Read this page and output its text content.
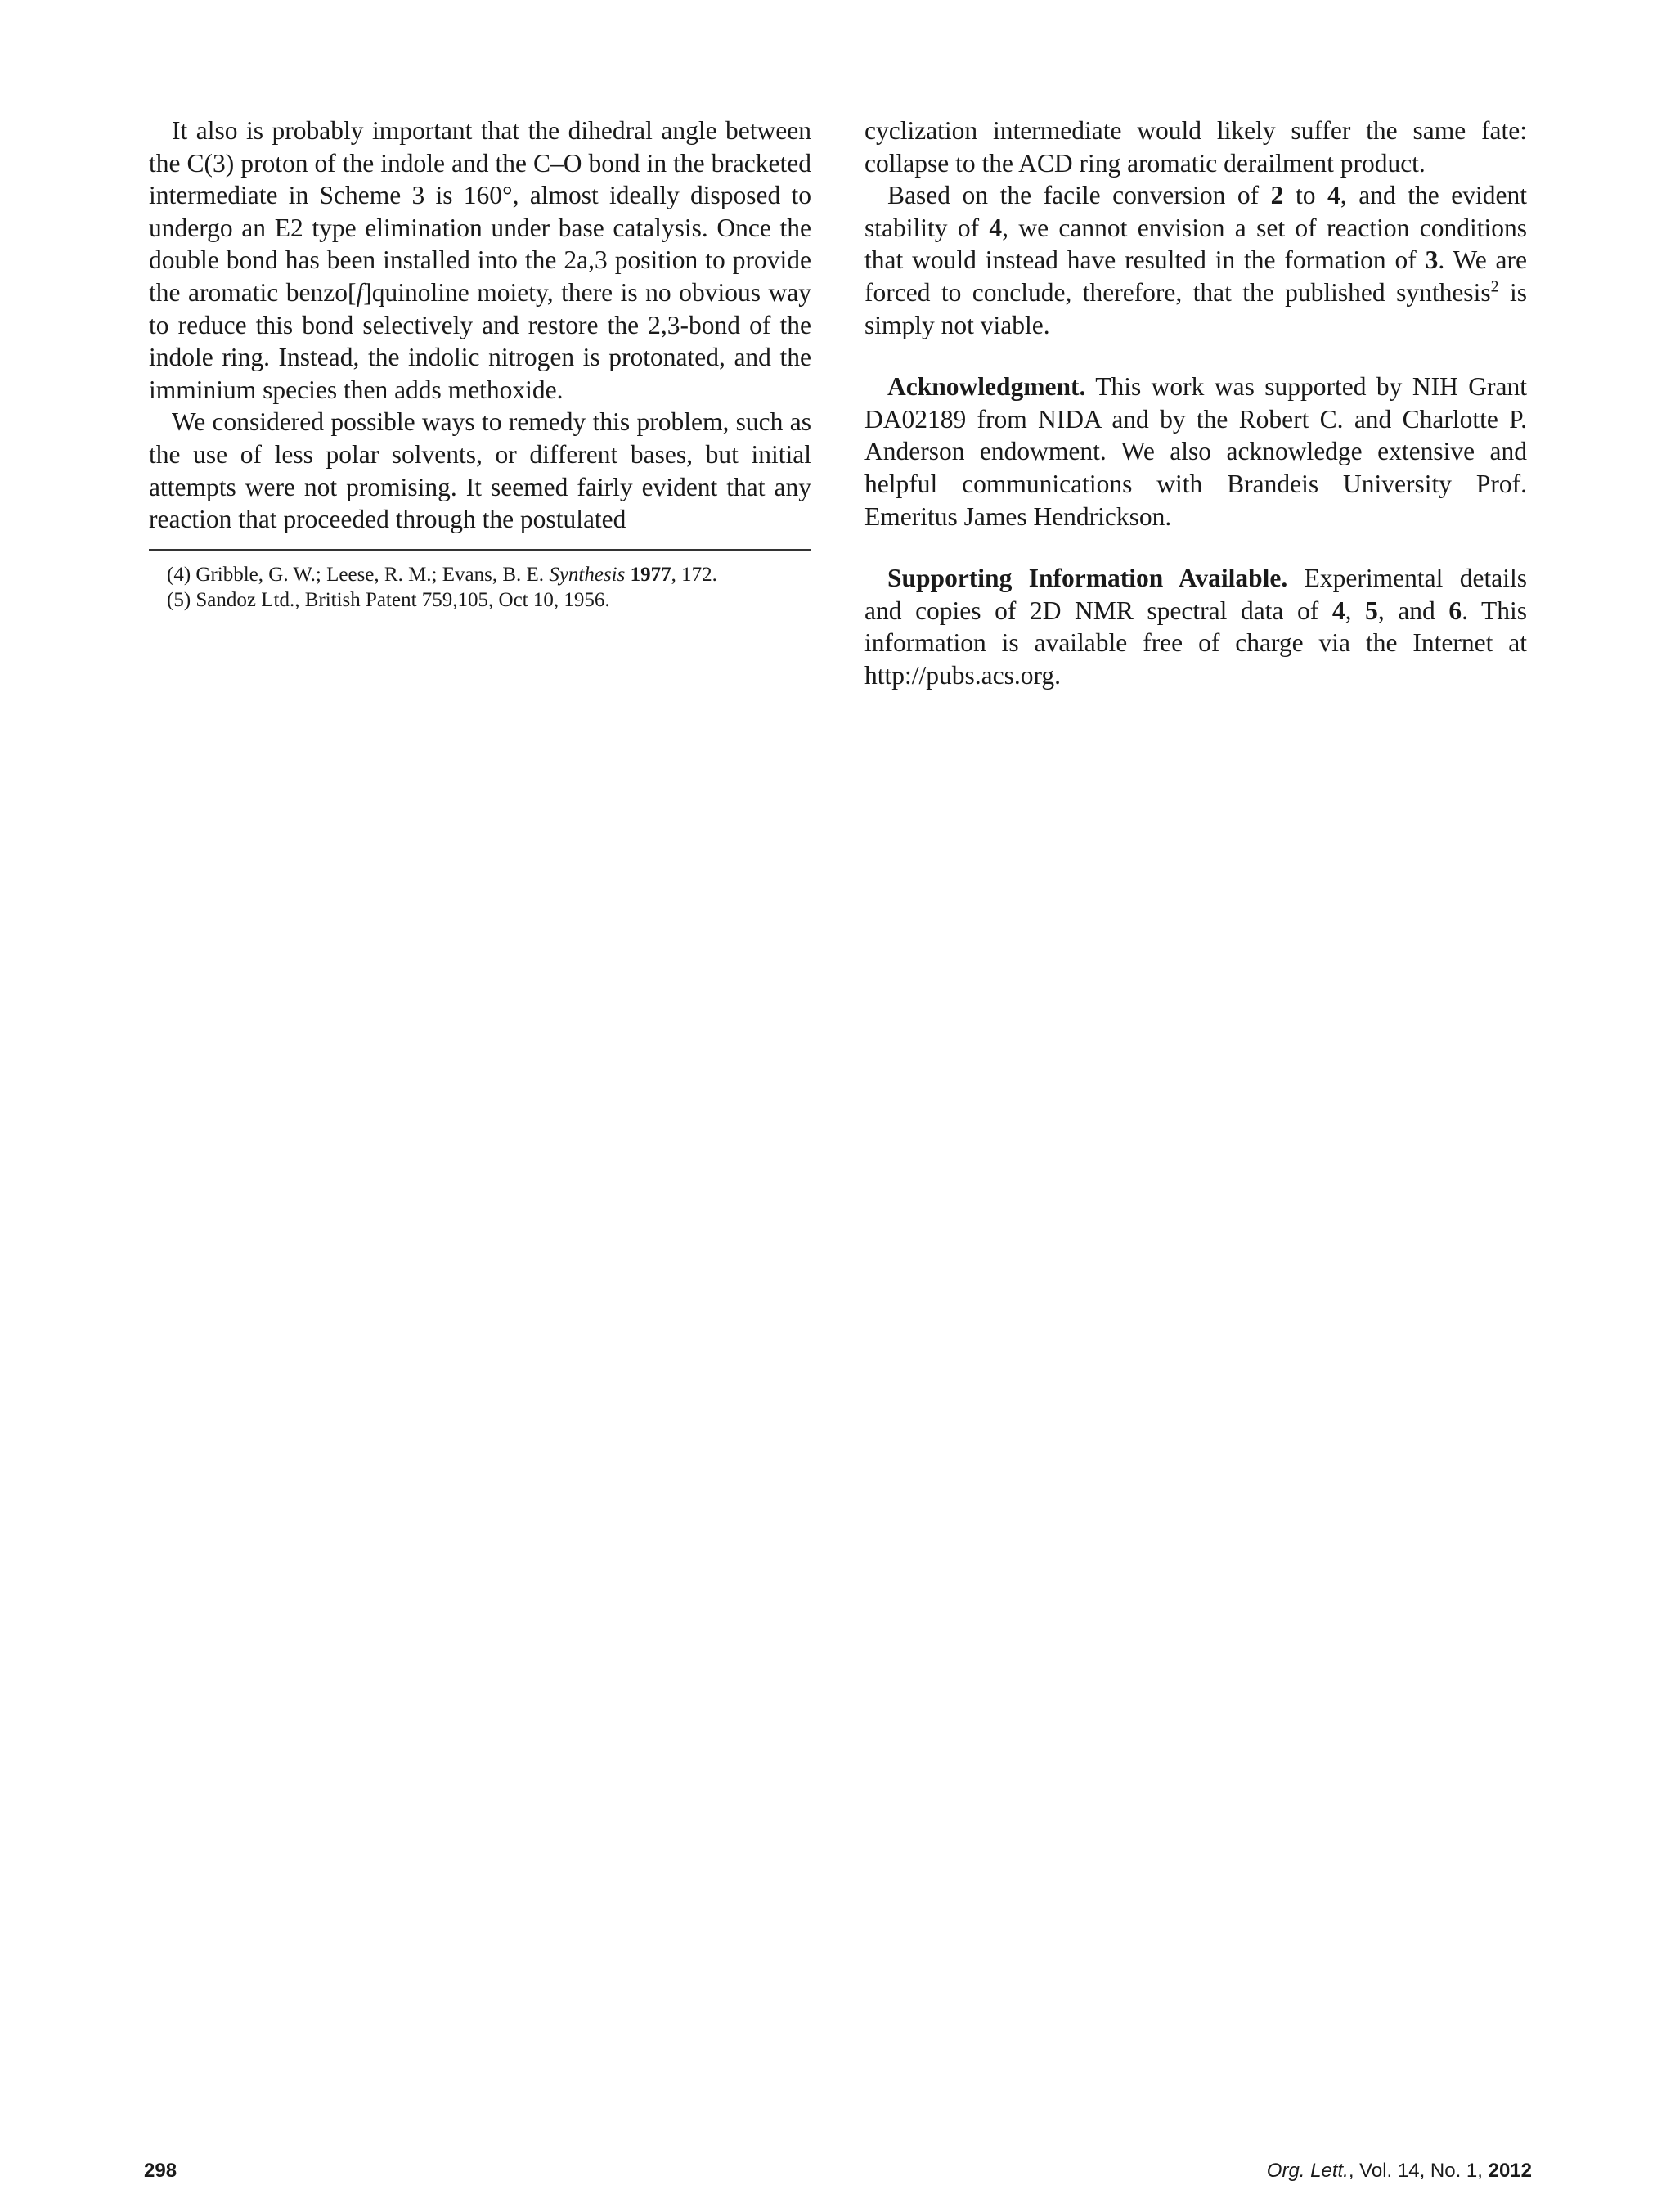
It also is probably important that the dihedral angle between the C(3) proton of the indole and the C–O bond in the bracketed intermediate in Scheme 3 is 160°, almost ideally disposed to undergo an E2 type elimination under base catalysis. Once the double bond has been installed into the 2a,3 position to provide the aromatic benzo[f]quinoline moiety, there is no obvious way to reduce this bond selectively and restore the 2,3-bond of the indole ring. Instead, the indolic nitrogen is protonated, and the imminium species then adds methoxide.

We considered possible ways to remedy this problem, such as the use of less polar solvents, or different bases, but initial attempts were not promising. It seemed fairly evident that any reaction that proceeded through the postulated

(4) Gribble, G. W.; Leese, R. M.; Evans, B. E. Synthesis 1977, 172.

(5) Sandoz Ltd., British Patent 759,105, Oct 10, 1956.

cyclization intermediate would likely suffer the same fate: collapse to the ACD ring aromatic derailment product.

Based on the facile conversion of 2 to 4, and the evident stability of 4, we cannot envision a set of reaction conditions that would instead have resulted in the formation of 3. We are forced to conclude, therefore, that the published synthesis$^2$ is simply not viable.

Acknowledgment. This work was supported by NIH Grant DA02189 from NIDA and by the Robert C. and Charlotte P. Anderson endowment. We also acknowledge extensive and helpful communications with Brandeis University Prof. Emeritus James Hendrickson.

Supporting Information Available. Experimental details and copies of 2D NMR spectral data of 4, 5, and 6. This information is available free of charge via the Internet at http://pubs.acs.org.

298	Org. Lett., Vol. 14, No. 1, 2012
